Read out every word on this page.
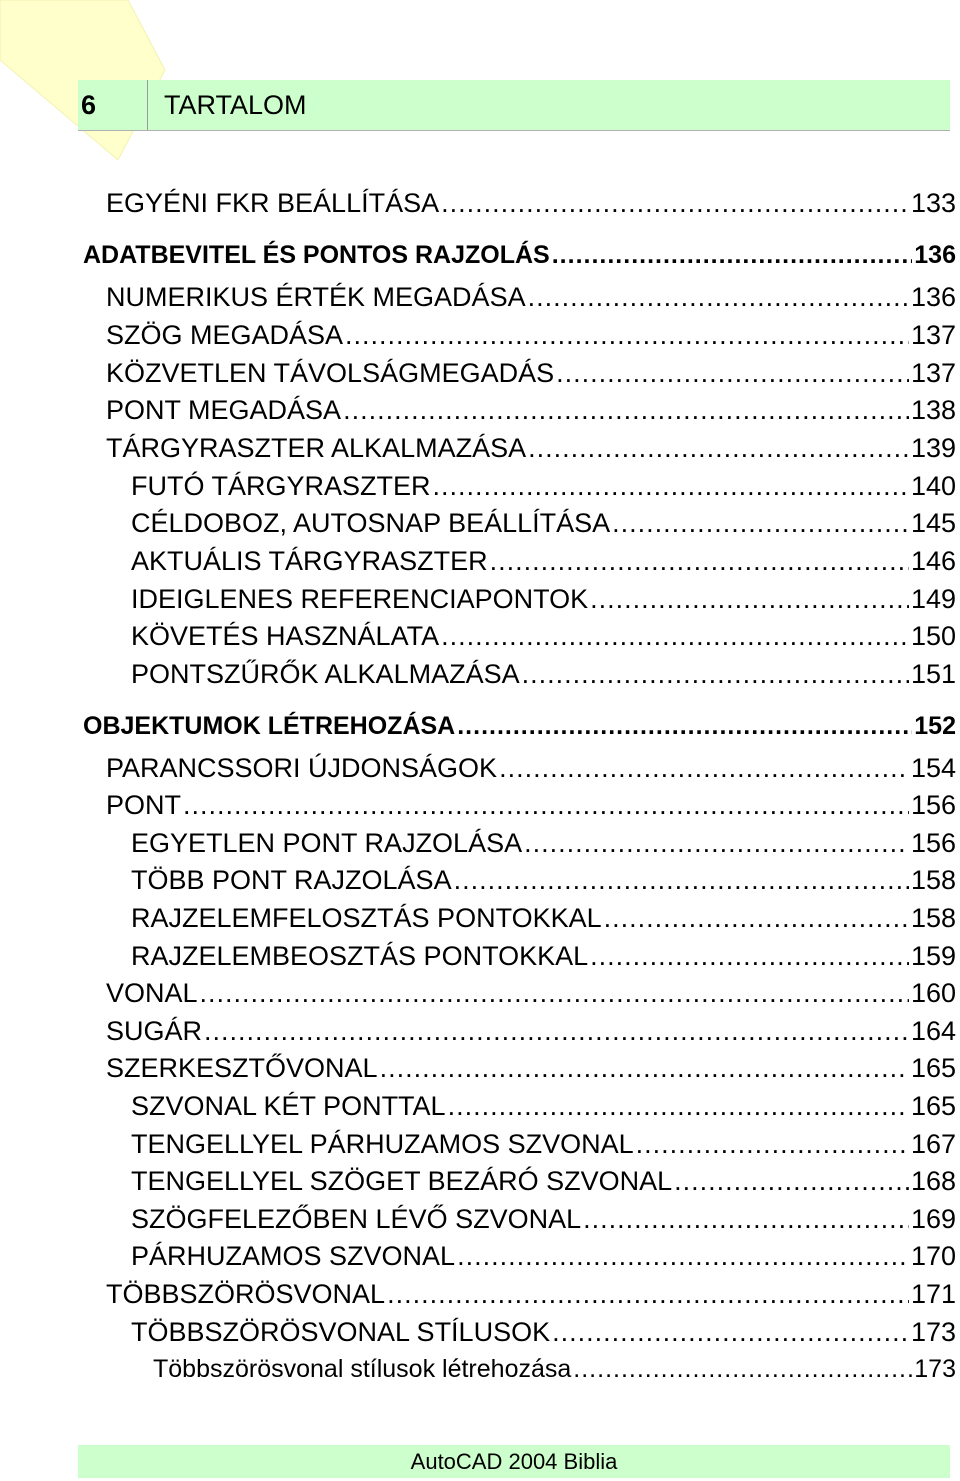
6	TARTALOM
EGYÉNI FKR BEÁLLÍTÁSA .....	133
ADATBEVITEL ÉS PONTOS RAJZOLÁS .....	136
NUMERIKUS ÉRTÉK MEGADÁSA .....	136
SZÖG MEGADÁSA .....	137
KÖZVETLEN TÁVOLSÁGMEGADÁS .....	137
PONT MEGADÁSA .....	138
TÁRGYRASZTER ALKALMAZÁSA .....	139
FUTÓ TÁRGYRASZTER .....	140
CÉLDOBOZ, AUTOSNAP BEÁLLÍTÁSA .....	145
AKTUÁLIS TÁRGYRASZTER .....	146
IDEIGLENES REFERENCIAPONTOK .....	149
KÖVETÉS HASZNÁLATA .....	150
PONTSZŰRŐK ALKALMAZÁSA .....	151
OBJEKTUMOK LÉTREHOZÁSA .....	152
PARANCSSORI ÚJDONSÁGOK .....	154
PONT .....	156
EGYETLEN PONT RAJZOLÁSA .....	156
TÖBB PONT RAJZOLÁSA .....	158
RAJZELEMFELOSZTÁS PONTOKKAL .....	158
RAJZELEMBEOSZTÁS PONTOKKAL .....	159
VONAL .....	160
SUGÁR .....	164
SZERKESZTŐVONAL .....	165
SZVONAL KÉT PONTTAL .....	165
TENGELLYEL PÁRHUZAMOS SZVONAL .....	167
TENGELLYEL SZÖGET BEZÁRÓ SZVONAL .....	168
SZÖGFELEZŐBEN LÉVŐ SZVONAL .....	169
PÁRHUZAMOS SZVONAL .....	170
TÖBBSZÖRÖSVONAL .....	171
TÖBBSZÖRÖSVONAL STÍLUSOK .....	173
Többszörösvonal stílusok létrehozása .....	173
AutoCAD 2004 Biblia
